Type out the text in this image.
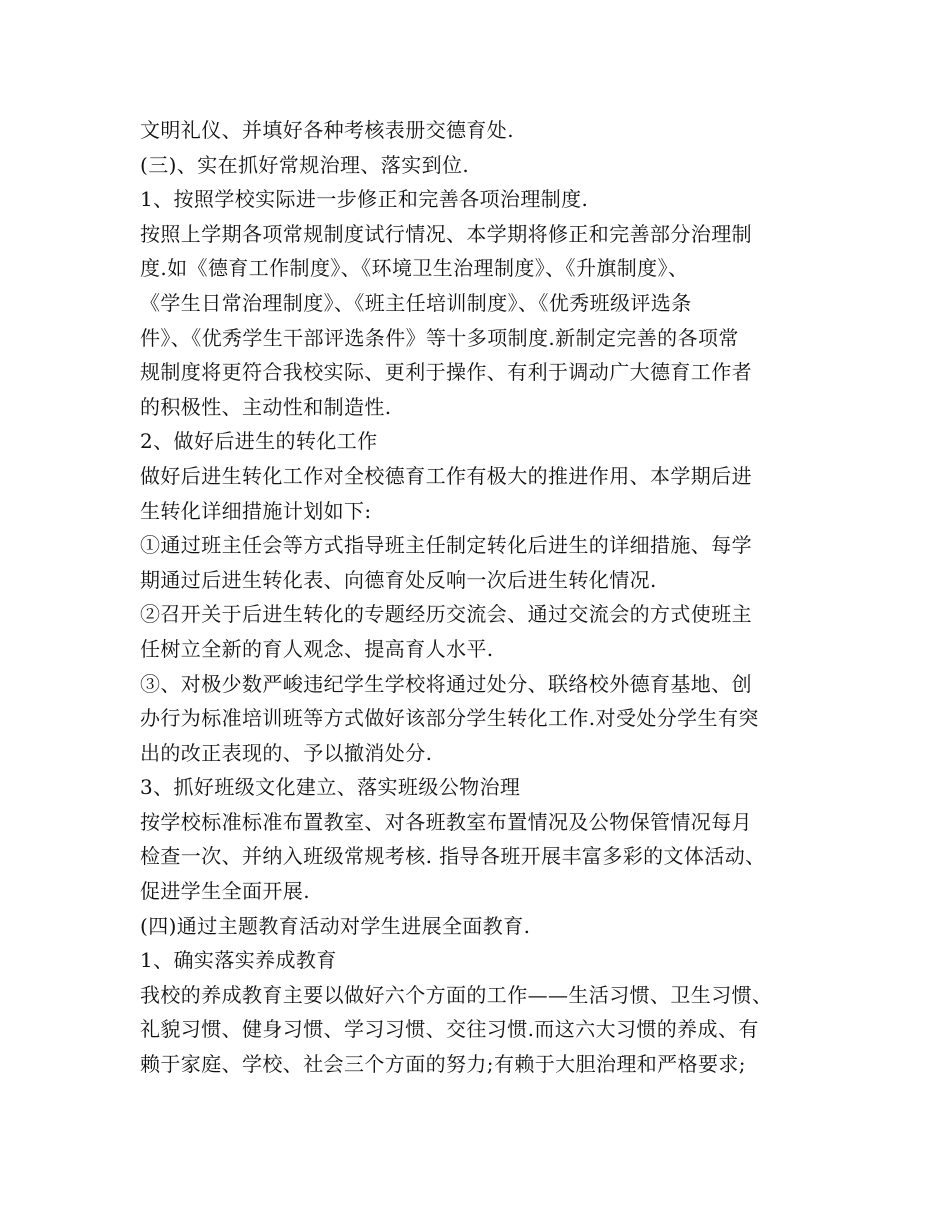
文明礼仪、并填好各种考核表册交德育处.
(三)、实在抓好常规治理、落实到位.
1、按照学校实际进一步修正和完善各项治理制度.
按照上学期各项常规制度试行情况、本学期将修正和完善部分治理制
度.如《德育工作制度》、《环境卫生治理制度》、《升旗制度》、
《学生日常治理制度》、《班主任培训制度》、《优秀班级评选条
件》、《优秀学生干部评选条件》等十多项制度.新制定完善的各项常
规制度将更符合我校实际、更利于操作、有利于调动广大德育工作者
的积极性、主动性和制造性.
2、做好后进生的转化工作
做好后进生转化工作对全校德育工作有极大的推进作用、本学期后进
生转化详细措施计划如下:
①通过班主任会等方式指导班主任制定转化后进生的详细措施、每学
期通过后进生转化表、向德育处反响一次后进生转化情况.
②召开关于后进生转化的专题经历交流会、通过交流会的方式使班主
任树立全新的育人观念、提高育人水平.
③、对极少数严峻违纪学生学校将通过处分、联络校外德育基地、创
办行为标准培训班等方式做好该部分学生转化工作.对受处分学生有突
出的改正表现的、予以撤消处分.
3、抓好班级文化建立、落实班级公物治理
按学校标准标准布置教室、对各班教室布置情况及公物保管情况每月
检查一次、并纳入班级常规考核. 指导各班开展丰富多彩的文体活动、
促进学生全面开展.
(四)通过主题教育活动对学生进展全面教育.
1、确实落实养成教育
我校的养成教育主要以做好六个方面的工作——生活习惯、卫生习惯、
礼貌习惯、健身习惯、学习习惯、交往习惯.而这六大习惯的养成、有
赖于家庭、学校、社会三个方面的努力;有赖于大胆治理和严格要求;
